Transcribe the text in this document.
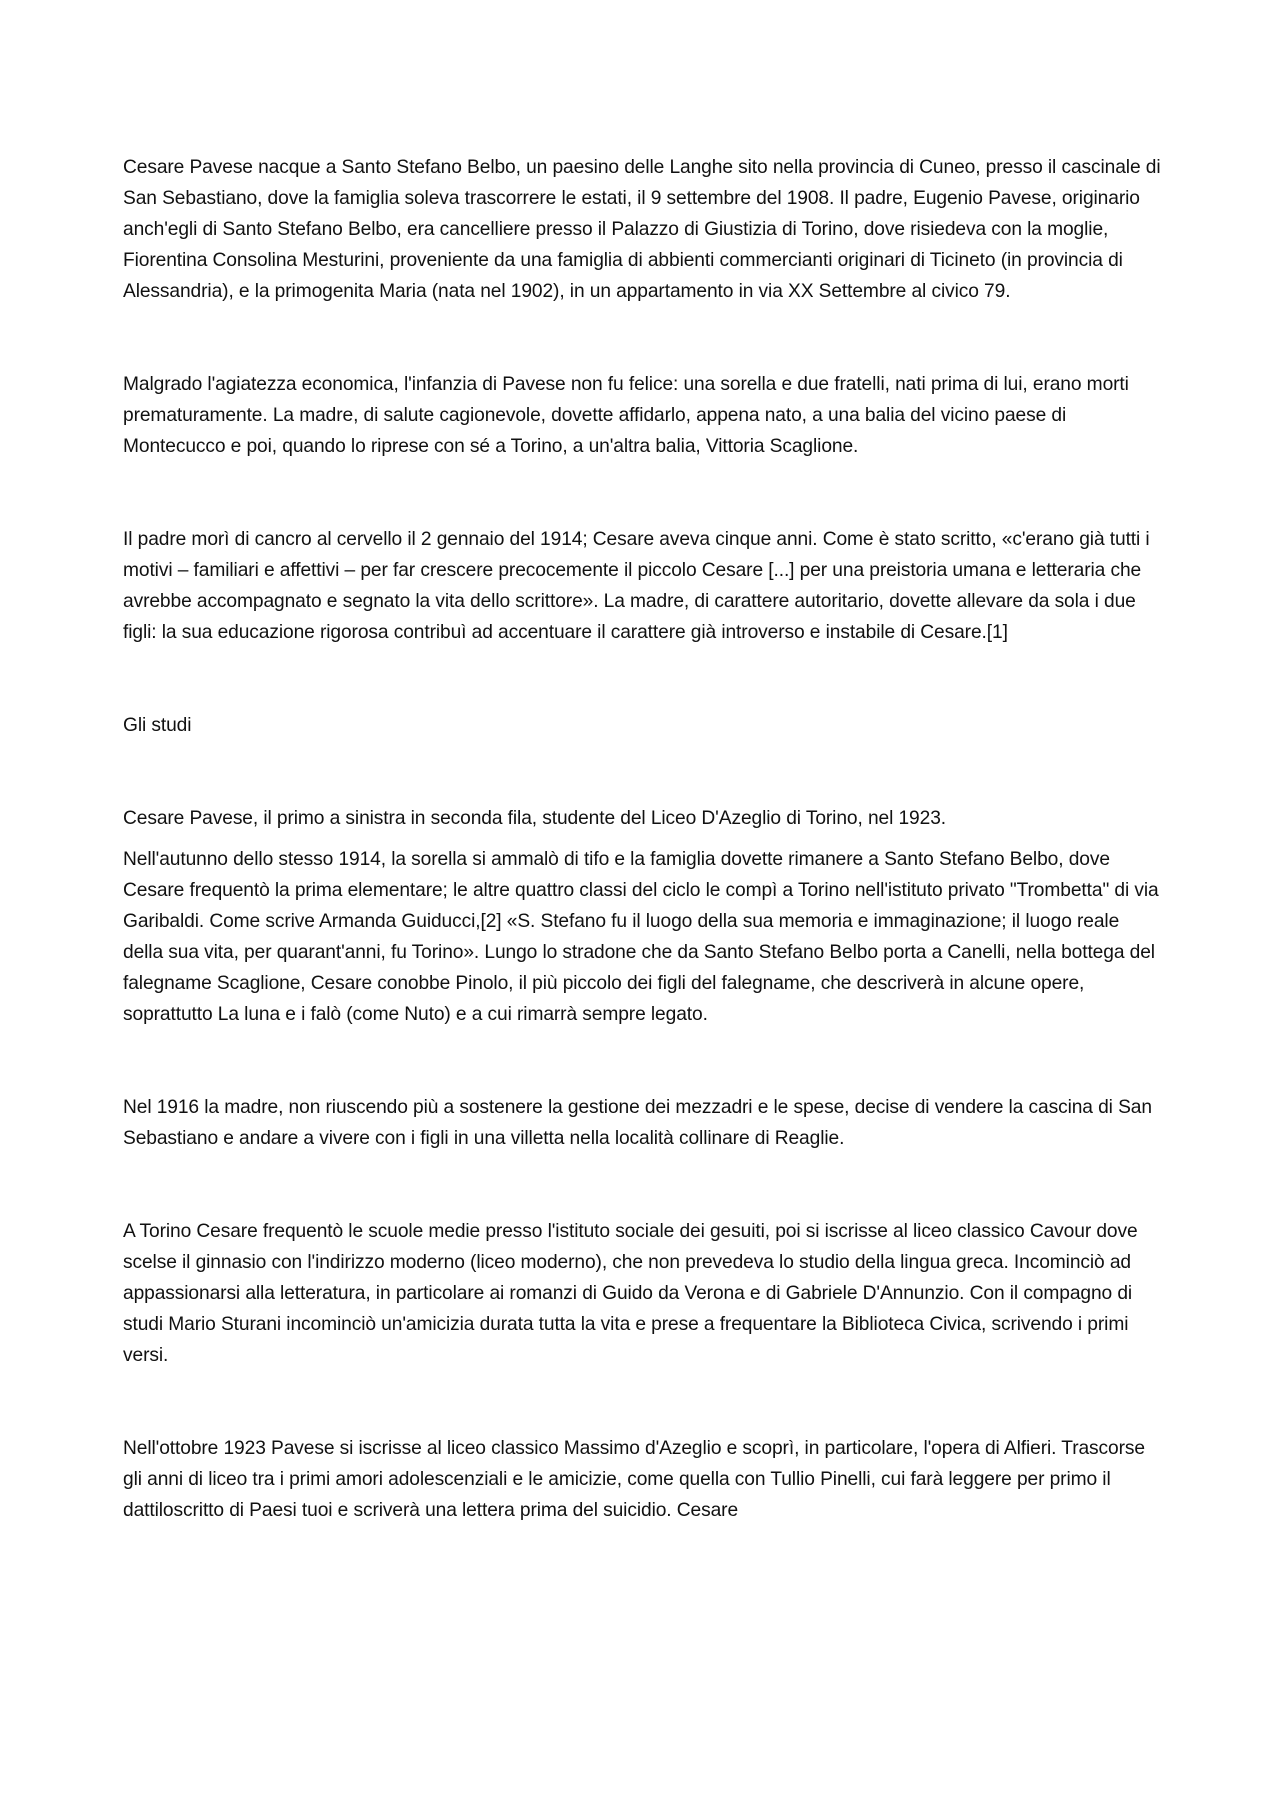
Cesare Pavese nacque a Santo Stefano Belbo, un paesino delle Langhe sito nella provincia di Cuneo, presso il cascinale di San Sebastiano, dove la famiglia soleva trascorrere le estati, il 9 settembre del 1908. Il padre, Eugenio Pavese, originario anch'egli di Santo Stefano Belbo, era cancelliere presso il Palazzo di Giustizia di Torino, dove risiedeva con la moglie, Fiorentina Consolina Mesturini, proveniente da una famiglia di abbienti commercianti originari di Ticineto (in provincia di Alessandria), e la primogenita Maria (nata nel 1902), in un appartamento in via XX Settembre al civico 79.

Malgrado l'agiatezza economica, l'infanzia di Pavese non fu felice: una sorella e due fratelli, nati prima di lui, erano morti prematuramente. La madre, di salute cagionevole, dovette affidarlo, appena nato, a una balia del vicino paese di Montecucco e poi, quando lo riprese con sé a Torino, a un'altra balia, Vittoria Scaglione.

Il padre morì di cancro al cervello il 2 gennaio del 1914; Cesare aveva cinque anni. Come è stato scritto, «c'erano già tutti i motivi – familiari e affettivi – per far crescere precocemente il piccolo Cesare [...] per una preistoria umana e letteraria che avrebbe accompagnato e segnato la vita dello scrittore». La madre, di carattere autoritario, dovette allevare da sola i due figli: la sua educazione rigorosa contribuì ad accentuare il carattere già introverso e instabile di Cesare.[1]

Gli studi

Cesare Pavese, il primo a sinistra in seconda fila, studente del Liceo D'Azeglio di Torino, nel 1923.

Nell'autunno dello stesso 1914, la sorella si ammalò di tifo e la famiglia dovette rimanere a Santo Stefano Belbo, dove Cesare frequentò la prima elementare; le altre quattro classi del ciclo le compì a Torino nell'istituto privato "Trombetta" di via Garibaldi. Come scrive Armanda Guiducci,[2] «S. Stefano fu il luogo della sua memoria e immaginazione; il luogo reale della sua vita, per quarant'anni, fu Torino». Lungo lo stradone che da Santo Stefano Belbo porta a Canelli, nella bottega del falegname Scaglione, Cesare conobbe Pinolo, il più piccolo dei figli del falegname, che descriverà in alcune opere, soprattutto La luna e i falò (come Nuto) e a cui rimarrà sempre legato.

Nel 1916 la madre, non riuscendo più a sostenere la gestione dei mezzadri e le spese, decise di vendere la cascina di San Sebastiano e andare a vivere con i figli in una villetta nella località collinare di Reaglie.

A Torino Cesare frequentò le scuole medie presso l'istituto sociale dei gesuiti, poi si iscrisse al liceo classico Cavour dove scelse il ginnasio con l'indirizzo moderno (liceo moderno), che non prevedeva lo studio della lingua greca. Incominciò ad appassionarsi alla letteratura, in particolare ai romanzi di Guido da Verona e di Gabriele D'Annunzio. Con il compagno di studi Mario Sturani incominciò un'amicizia durata tutta la vita e prese a frequentare la Biblioteca Civica, scrivendo i primi versi.

Nell'ottobre 1923 Pavese si iscrisse al liceo classico Massimo d'Azeglio e scoprì, in particolare, l'opera di Alfieri. Trascorse gli anni di liceo tra i primi amori adolescenziali e le amicizie, come quella con Tullio Pinelli, cui farà leggere per primo il dattiloscritto di Paesi tuoi e scriverà una lettera prima del suicidio. Cesare
